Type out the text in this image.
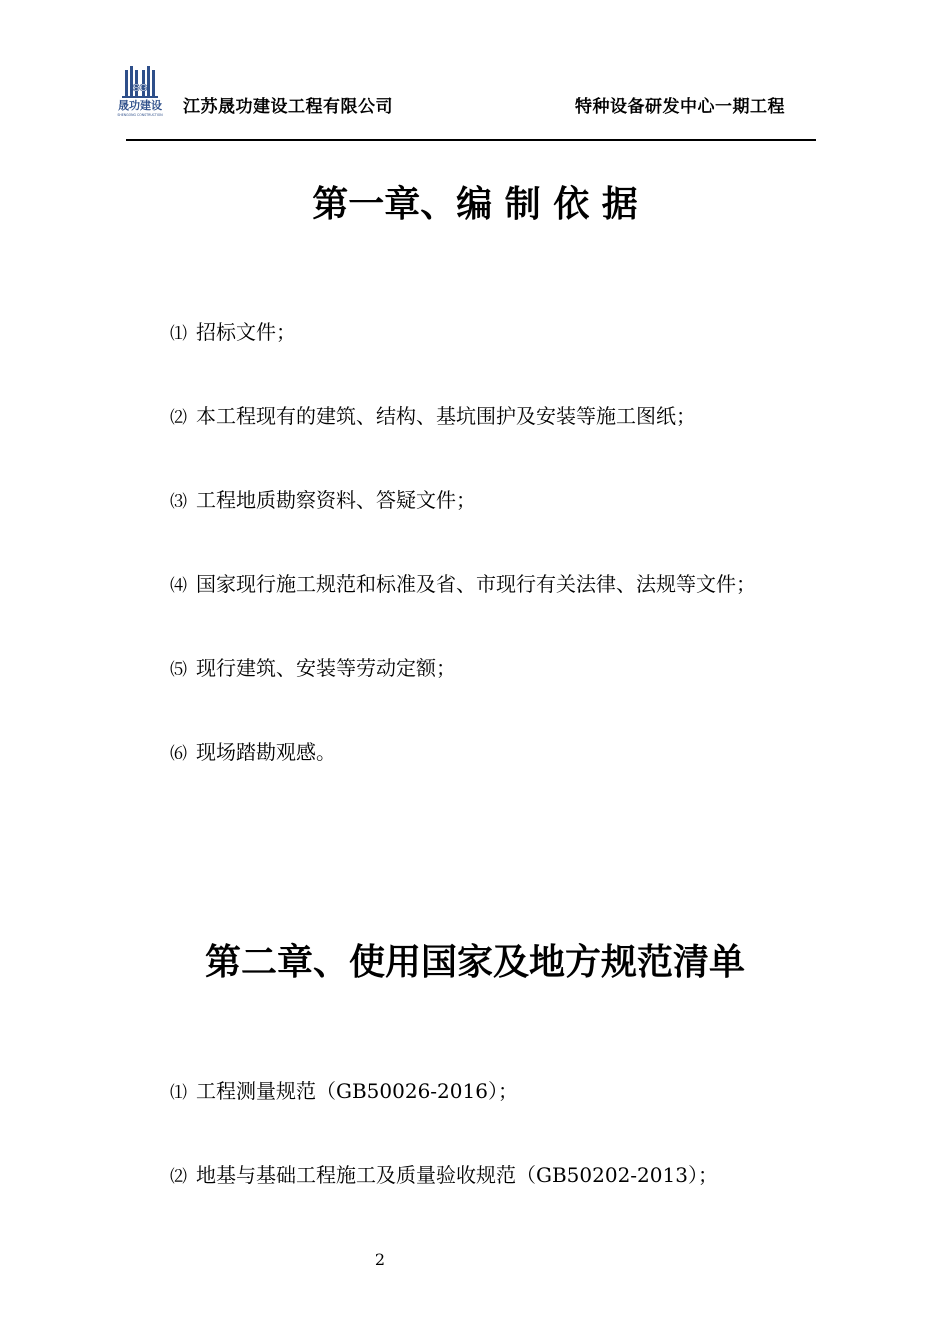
SG
晟功建设
SHENGONG CONSTRUCTION 江苏晟功建设工程有限公司	特种设备研发中心一期工程
第一章、编 制 依 据
⑴ 招标文件；
⑵ 本工程现有的建筑、结构、基坑围护及安装等施工图纸；
⑶ 工程地质勘察资料、答疑文件；
⑷ 国家现行施工规范和标准及省、市现行有关法律、法规等文件；
⑸ 现行建筑、安装等劳动定额；
⑹ 现场踏勘观感。
第二章、使用国家及地方规范清单
⑴ 工程测量规范（GB50026-2016）；
⑵ 地基与基础工程施工及质量验收规范（GB50202-2013）；
2
